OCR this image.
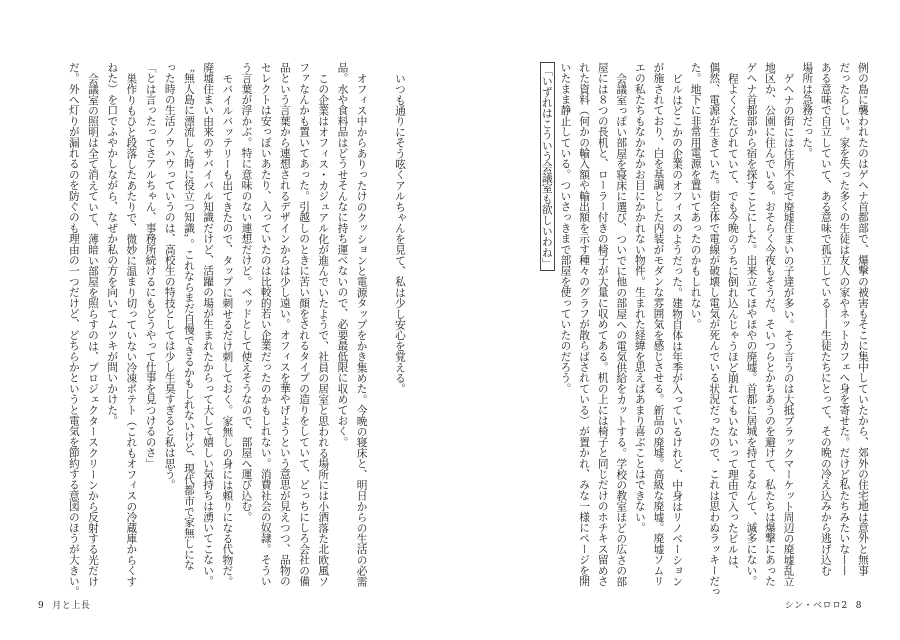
いつも通りにそう呟くアルちゃんを見て、私は少し安心を覚える。

オフィス中からありったけのクッションと電源タップをかき集めた。今晩の寝床と、明日からの生活の必需

品。水や食料品はどうせそんなに持ち運べないので、必要最低限に収めておく。

この企業はオフィス・カジュアル化が進んでいたようで、社員の居室と思われる場所には小洒落た北欧風ソ

ファなんかも置いてあった。引越しのときに苦い顔をされるタイプの造りをしていて、どっちにしろ会社の備

品という言葉から連想されるデザインからは少し遠い。オフィスを華やげようという意思が見えつつ、品物の

セレクトは安っぽいあたり、入っていたのは比較的若い企業だったのかもしれない。消費社会の奴隷。そうい

う言葉が浮かぶ。特に意味のない連想だけど。ベッドとして使えそうなので、部屋へ運び込む。

モバイルバッテリーも出てきたので、タップに刺せるだけ刺しておく。家無しの身には頼りになる代物だ。

廃墟住まい由来のサバイバル知識だけど、活躍の場が生まれたからって大して嬉しい気持ちは湧いてこない。

〝無人島に漂流した時に役立つ知識〟。これならまだ自慢できるかもしれないけど、現代都市で家無しにな

った時の生活ノウハウっていうのは、高校生の特技としては少し生臭すぎると私は思う。

「とは言ったってさアルちゃん、事務所続けるにもどうやって仕事を見つけるのさ」

巣作りもひと段落したあたりで、微妙に温まり切っていない冷凍ポテト（これもオフィスの冷蔵庫からくす

ねた）を口でふやかしながら、なぜか私の方を向いてムツキが問いかけた。

会議室の照明は全て消えていて、薄暗い部屋を照らすのは、プロジェクタースクリーンから反射する光だけ

だ。外へ灯りが漏れるのを防ぐのも理由の一つだけど、どちらかというと電気を節約する意図のほうが大きい。

9 月と上長

例の島に襲われたのはゲヘナ首都部で、爆撃の被害もそこに集中していたから、郊外の住宅地は意外と無事

だったらしい。家を失った多くの生徒は友人の家やネットカフェへ身を寄せた。だけど私たちみたいな——

ある意味で自立していて、ある意味で孤立している——生徒たちにとって、その晩の冷え込みから逃げ込む

場所は急務だった。

ゲヘナの街には住所不定で廃墟住まいの子達が多い。そう言うのは大抵ブラックマーケット周辺の廃墟乱立

地区か、公園に住んでいる。おそらく今夜もそうだ。そいつらとかちあうのを避けて、私たちは爆撃にあった

ゲヘナ首都部から宿を探すことにした。出来立てほやほやの廃墟。首都に居城を持てるなんて、滅多にない。

程よくくたびれていて、でも今晩のうちに倒れ込んじゃうほど崩れてもいないって理由で入ったビルは、

偶然、電源が生きていた。街全体で電線が破壊し電気が死んでいる状況だったので、これは思わぬラッキーだっ

た。地下に非常用電源を置いてあったのかもしれない。

ビルはどこかの企業のオフィスのようだった。建物自体は年季が入っているけれど、中身はリノベーション

が施されており、白を基調とした内装がモダンな雰囲気を感じさせる。新品の廃墟。高級な廃墟。廃墟ソムリ

エの私たちもなかなかお目にかかれない物件。生まれた経緯を思えばあまり喜ぶことはできない。

会議室っぽい部屋を寝床に選び、ついでに他の部屋への電気供給をカットする。学校の教室ほどの広さの部

屋には８つの長机と、ローラー付きの椅子が大量に収めてある。机の上には椅子と同じだけのホチキス留めさ

れた資料（何かの輸入額や輸出額を示す種々のグラフが散らばされている）が置かれ、みな一様にページを開

いたまま静止している。ついさっきまで部屋を使っていたのだろう。

「いずれはこういう会議室も欲しいわね」

シン・ベロロ2 8
